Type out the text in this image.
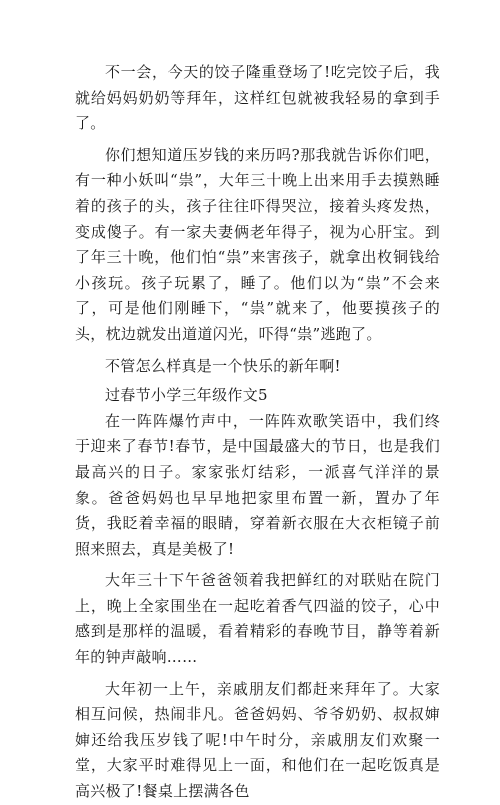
不一会，今天的饺子隆重登场了!吃完饺子后，我就给妈妈奶奶等拜年，这样红包就被我轻易的拿到手了。

你们想知道压岁钱的来历吗?那我就告诉你们吧，有一种小妖叫“祟”，大年三十晚上出来用手去摸熟睡着的孩子的头，孩子往往吓得哭泣，接着头疼发热，变成傻子。有一家夫妻俩老年得子，视为心肝宝。到了年三十晚，他们怕“祟”来害孩子，就拿出枚铜钱给小孩玩。孩子玩累了，睡了。他们以为“祟”不会来了，可是他们刚睡下，“祟”就来了，他要摸孩子的头，枕边就发出道道闪光，吓得“祟”逃跑了。

不管怎么样真是一个快乐的新年啊!

过春节小学三年级作文5

在一阵阵爆竹声中，一阵阵欢歌笑语中，我们终于迎来了春节!春节，是中国最盛大的节日，也是我们最高兴的日子。家家张灯结彩，一派喜气洋洋的景象。爸爸妈妈也早早地把家里布置一新，置办了年货，我眨着幸福的眼睛，穿着新衣服在大衣柜镜子前照来照去，真是美极了!

大年三十下午爸爸领着我把鲜红的对联贴在院门上，晚上全家围坐在一起吃着香气四溢的饺子，心中感到是那样的温暖，看着精彩的春晚节目，静等着新年的钟声敲响……

大年初一上午，亲戚朋友们都赶来拜年了。大家相互问候，热闹非凡。爸爸妈妈、爷爷奶奶、叔叔婶婶还给我压岁钱了呢!中午时分，亲戚朋友们欢聚一堂，大家平时难得见上一面，和他们在一起吃饭真是高兴极了!餐桌上摆满各色
